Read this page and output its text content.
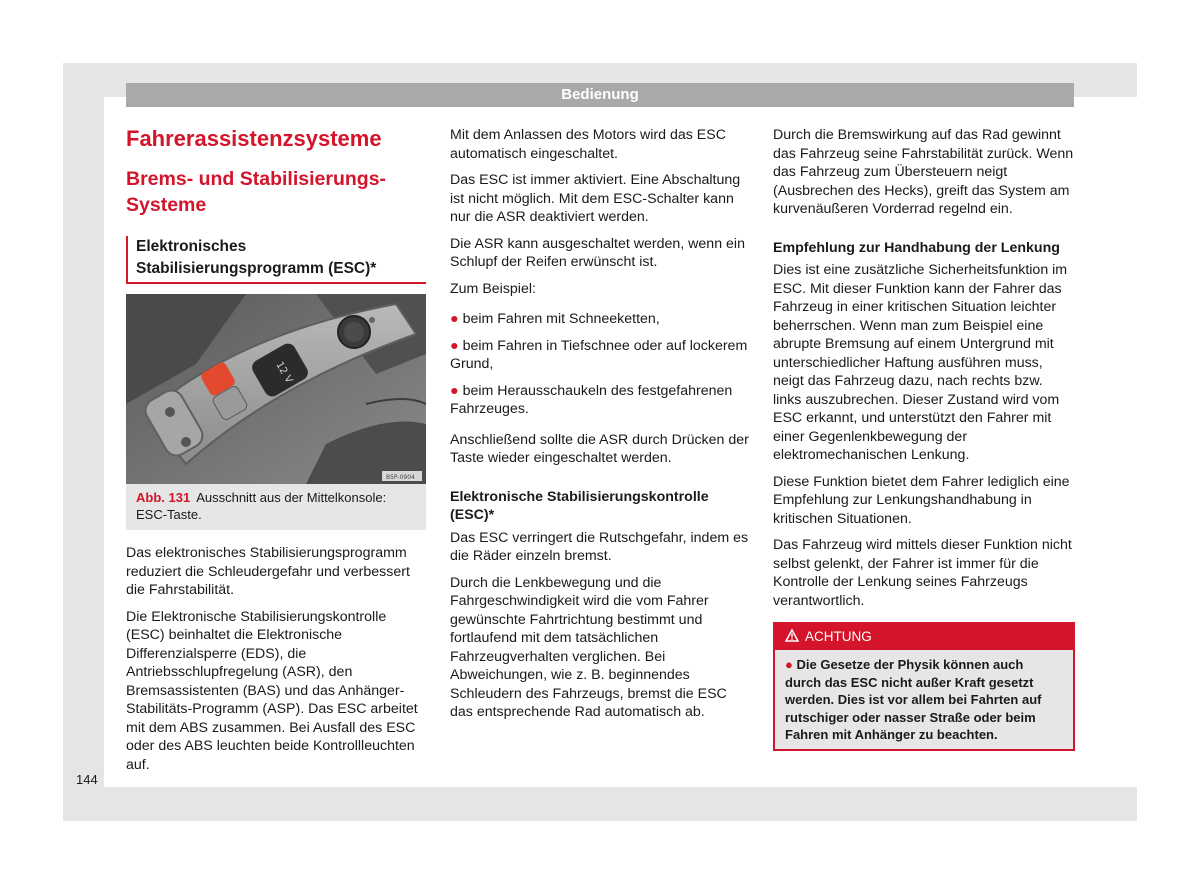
Bedienung
144
Fahrerassistenzsysteme
Brems- und Stabilisierungs-Systeme
Elektronisches Stabilisierungsprogramm (ESC)*
12 V
B5P-0904
Abb. 131 Ausschnitt aus der Mittelkonsole: ESC-Taste.

Das elektronisches Stabilisierungsprogramm reduziert die Schleudergefahr und verbessert die Fahrstabilität.

Die Elektronische Stabilisierungskontrolle (ESC) beinhaltet die Elektronische Differenzialsperre (EDS), die Antriebsschlupfregelung (ASR), den Bremsassistenten (BAS) und das Anhänger-Stabilitäts-Programm (ASP). Das ESC arbeitet mit dem ABS zusammen. Bei Ausfall des ESC oder des ABS leuchten beide Kontrollleuchten auf.

Mit dem Anlassen des Motors wird das ESC automatisch eingeschaltet.

Das ESC ist immer aktiviert. Eine Abschaltung ist nicht möglich. Mit dem ESC-Schalter kann nur die ASR deaktiviert werden.

Die ASR kann ausgeschaltet werden, wenn ein Schlupf der Reifen erwünscht ist.

Zum Beispiel:

● beim Fahren mit Schneeketten,
● beim Fahren in Tiefschnee oder auf lockerem Grund,
● beim Herausschaukeln des festgefahrenen Fahrzeuges.

Anschließend sollte die ASR durch Drücken der Taste wieder eingeschaltet werden.

Elektronische Stabilisierungskontrolle (ESC)*

Das ESC verringert die Rutschgefahr, indem es die Räder einzeln bremst.

Durch die Lenkbewegung und die Fahrgeschwindigkeit wird die vom Fahrer gewünschte Fahrtrichtung bestimmt und fortlaufend mit dem tatsächlichen Fahrzeugverhalten verglichen. Bei Abweichungen, wie z. B. beginnendes Schleudern des Fahrzeugs, bremst die ESC das entsprechende Rad automatisch ab.

Durch die Bremswirkung auf das Rad gewinnt das Fahrzeug seine Fahrstabilität zurück. Wenn das Fahrzeug zum Übersteuern neigt (Ausbrechen des Hecks), greift das System am kurvenäußeren Vorderrad regelnd ein.

Empfehlung zur Handhabung der Lenkung

Dies ist eine zusätzliche Sicherheitsfunktion im ESC. Mit dieser Funktion kann der Fahrer das Fahrzeug in einer kritischen Situation leichter beherrschen. Wenn man zum Beispiel eine abrupte Bremsung auf einem Untergrund mit unterschiedlicher Haftung ausführen muss, neigt das Fahrzeug dazu, nach rechts bzw. links auszubrechen. Dieser Zustand wird vom ESC erkannt, und unterstützt den Fahrer mit einer Gegenlenkbewegung der elektromechanischen Lenkung.

Diese Funktion bietet dem Fahrer lediglich eine Empfehlung zur Lenkungshandhabung in kritischen Situationen.

Das Fahrzeug wird mittels dieser Funktion nicht selbst gelenkt, der Fahrer ist immer für die Kontrolle der Lenkung seines Fahrzeugs verantwortlich.

ACHTUNG
● Die Gesetze der Physik können auch durch das ESC nicht außer Kraft gesetzt werden. Dies ist vor allem bei Fahrten auf rutschiger oder nasser Straße oder beim Fahren mit Anhänger zu beachten.
